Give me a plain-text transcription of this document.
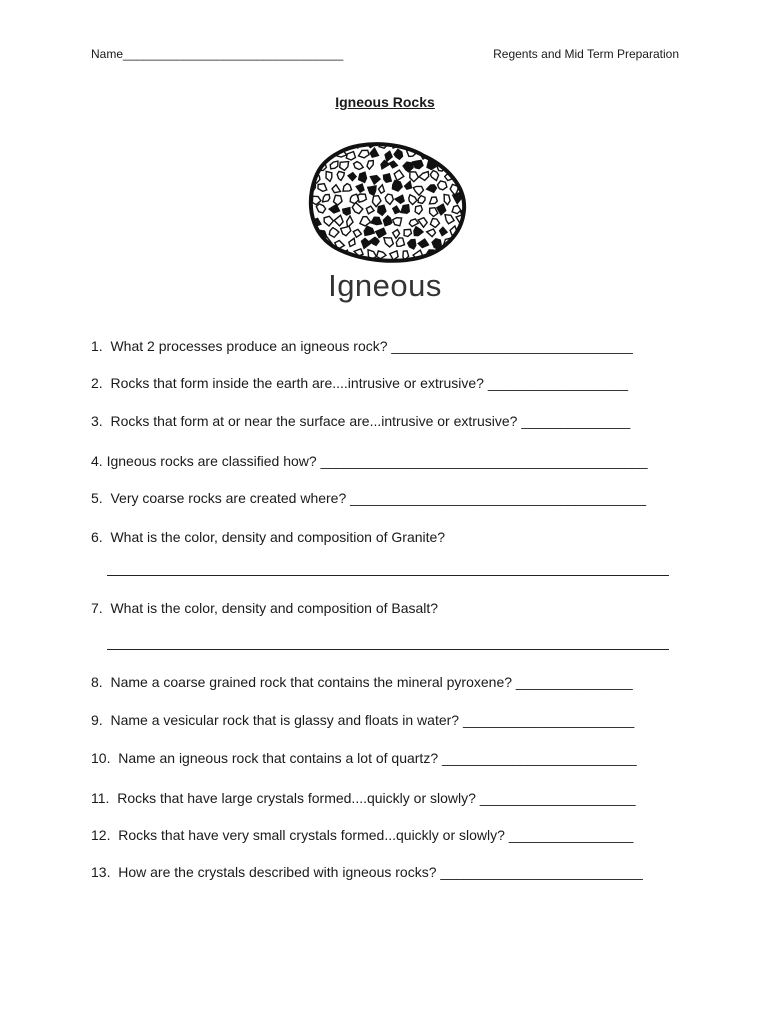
Name_________________________________	Regents and Mid Term Preparation
Igneous Rocks
Igneous
1. What 2 processes produce an igneous rock? _______________________________
2. Rocks that form inside the earth are....intrusive or extrusive? __________________
3. Rocks that form at or near the surface are...intrusive or extrusive? ______________
4. Igneous rocks are classified how? __________________________________________
5. Very coarse rocks are created where? ______________________________________
6. What is the color, density and composition of Granite?
7. What is the color, density and composition of Basalt?
8. Name a coarse grained rock that contains the mineral pyroxene? _______________
9. Name a vesicular rock that is glassy and floats in water? ______________________
10. Name an igneous rock that contains a lot of quartz? _________________________
11. Rocks that have large crystals formed....quickly or slowly? ____________________
12. Rocks that have very small crystals formed...quickly or slowly? ________________
13. How are the crystals described with igneous rocks? __________________________
